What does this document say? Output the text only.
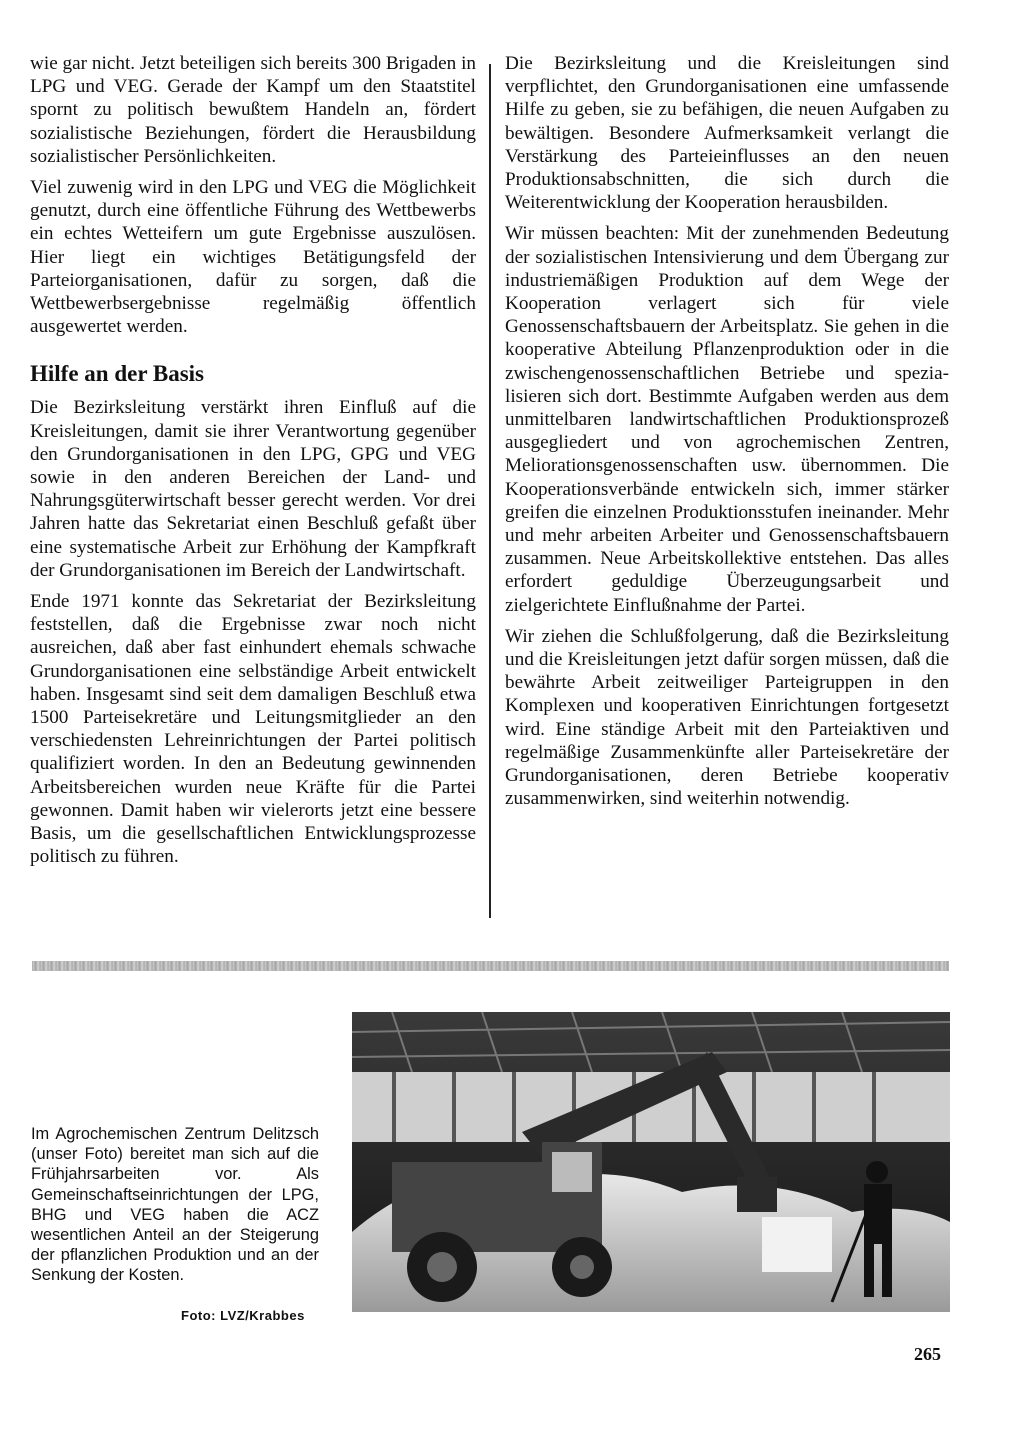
wie gar nicht. Jetzt beteiligen sich bereits 300 Brigaden in LPG und VEG. Gerade der Kampf um den Staatstitel spornt zu politisch bewußtem Handeln an, fördert sozialistische Beziehungen, fördert die Herausbildung sozialistischer Persönlichkeiten.

Viel zuwenig wird in den LPG und VEG die Möglichkeit genutzt, durch eine öffentliche Führung des Wettbewerbs ein echtes Wetteifern um gute Ergebnisse auszulösen. Hier liegt ein wichtiges Betätigungsfeld der Parteiorganisationen, dafür zu sorgen, daß die Wettbewerbsergebnisse regelmäßig öffentlich ausgewertet werden.

Hilfe an der Basis

Die Bezirksleitung verstärkt ihren Einfluß auf die Kreisleitungen, damit sie ihrer Verantwortung gegenüber den Grundorganisationen in den LPG, GPG und VEG sowie in den anderen Bereichen der Land- und Nahrungsgüterwirtschaft besser gerecht werden. Vor drei Jahren hatte das Sekretariat einen Beschluß gefaßt über eine systematische Arbeit zur Erhöhung der Kampfkraft der Grundorganisationen im Bereich der Landwirtschaft.

Ende 1971 konnte das Sekretariat der Bezirksleitung feststellen, daß die Ergebnisse zwar noch nicht ausreichen, daß aber fast einhundert ehemals schwache Grundorganisationen eine selbständige Arbeit entwickelt haben. Insgesamt sind seit dem damaligen Beschluß etwa 1500 Parteisekretäre und Leitungsmitglieder an den verschiedensten Lehreinrichtungen der Partei politisch qualifiziert worden. In den an Bedeutung gewinnenden Arbeitsbereichen wurden neue Kräfte für die Partei gewonnen. Damit haben wir vielerorts jetzt eine bessere Basis, um die gesellschaftlichen Entwicklungsprozesse politisch zu führen.

Die Bezirksleitung und die Kreisleitungen sind verpflichtet, den Grundorganisationen eine umfassende Hilfe zu geben, sie zu befähigen, die neuen Aufgaben zu bewältigen. Besondere Aufmerksamkeit verlangt die Verstärkung des Parteieinflusses an den neuen Produktionsabschnitten, die sich durch die Weiterentwicklung der Kooperation herausbilden.

Wir müssen beachten: Mit der zunehmenden Bedeutung der sozialistischen Intensivierung und dem Übergang zur industriemäßigen Produktion auf dem Wege der Kooperation verlagert sich für viele Genossenschaftsbauern der Arbeitsplatz. Sie gehen in die kooperative Abteilung Pflanzenproduktion oder in die zwischengenossenschaftlichen Betriebe und spezialisieren sich dort. Bestimmte Aufgaben werden aus dem unmittelbaren landwirtschaftlichen Produktionsprozeß ausgegliedert und von agrochemischen Zentren, Meliorationsgenossenschaften usw. übernommen. Die Kooperationsverbände entwickeln sich, immer stärker greifen die einzelnen Produktionsstufen ineinander. Mehr und mehr arbeiten Arbeiter und Genossenschaftsbauern zusammen. Neue Arbeitskollektive entstehen. Das alles erfordert geduldige Überzeugungsarbeit und zielgerichtete Einflußnahme der Partei.

Wir ziehen die Schlußfolgerung, daß die Bezirksleitung und die Kreisleitungen jetzt dafür sorgen müssen, daß die bewährte Arbeit zeitweiliger Parteigruppen in den Komplexen und kooperativen Einrichtungen fortgesetzt wird. Eine ständige Arbeit mit den Parteiaktiven und regelmäßige Zusammenkünfte aller Parteisekretäre der Grundorganisationen, deren Betriebe kooperativ zusammenwirken, sind weiterhin notwendig.

Im Agrochemischen Zentrum Delitzsch (unser Foto) bereitet man sich auf die Frühjahrsarbeiten vor. Als Gemeinschaftseinrichtungen der LPG, BHG und VEG haben die ACZ wesentlichen Anteil an der Steigerung der pflanzlichen Produktion und an der Senkung der Kosten.
Foto: LVZ/Krabbes
265
